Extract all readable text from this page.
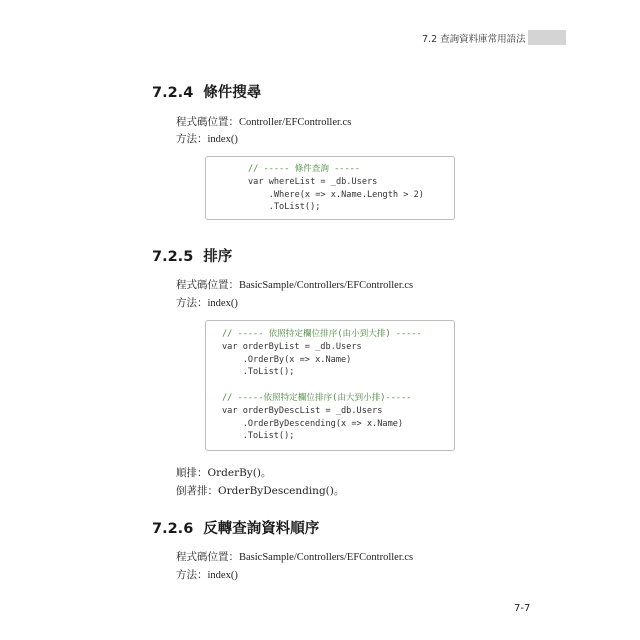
7.2 查詢資料庫常用語法
7.2.4 條件搜尋
程式碼位置：Controller/EFController.cs
方法：index()
// ----- 條件查詢 -----
var whereList = _db.Users
.Where(x => x.Name.Length > 2)
.ToList();
7.2.5 排序
程式碼位置：BasicSample/Controllers/EFController.cs
方法：index()
// ----- 依照特定欄位排序(由小到大排) -----
var orderByList = _db.Users
.OrderBy(x => x.Name)
.ToList();
// -----依照特定欄位排序(由大到小排)-----
var orderByDescList = _db.Users
.OrderByDescending(x => x.Name)
.ToList();
順排：OrderBy()。
倒著排：OrderByDescending()。
7.2.6 反轉查詢資料順序
程式碼位置：BasicSample/Controllers/EFController.cs
方法：index()
7-7
